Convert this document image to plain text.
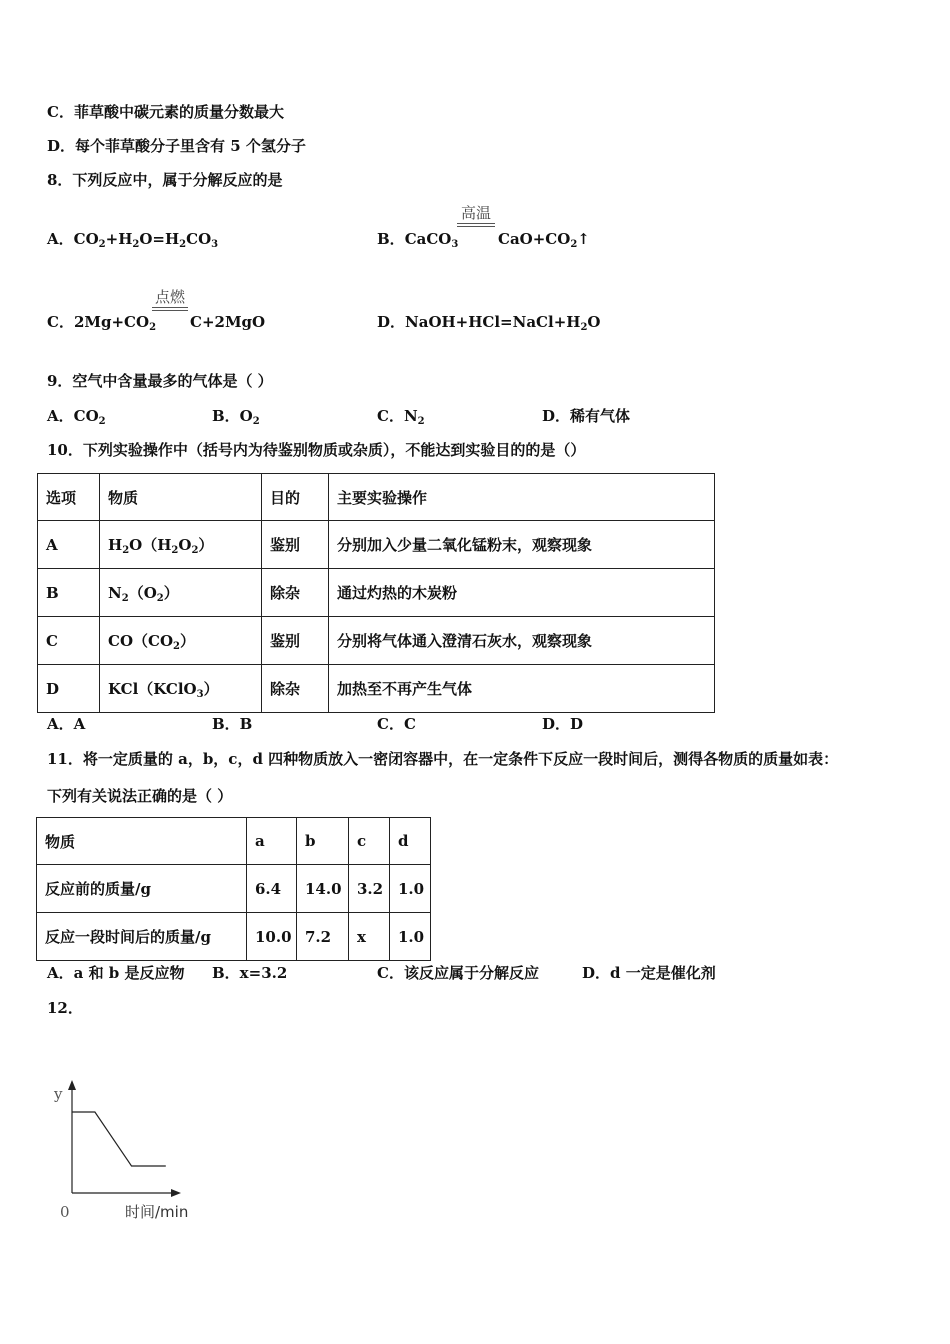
C．菲草酸中碳元素的质量分数最大
D．每个菲草酸分子里含有 5 个氢分子
8．下列反应中，属于分解反应的是
A．$CO_2+H_2O=H_2CO_3$	B．CaCO$_3$
高温
$CaO+CO_2↑$
C．$2Mg+CO_2$
点燃
C+2MgO	D．$NaOH+HCl=NaCl+H_2O$
9．空气中含量最多的气体是（ ）
A．$CO_2$	B．$O_2$	C．$N_2$	D．稀有气体
10．下列实验操作中（括号内为待鉴别物质或杂质），不能达到实验目的的是（）
选项	物质	目的	主要实验操作
A	$H_2O(H_2O_2)$	鉴别	分别加入少量二氧化锰粉末，观察现象
B	$N_2(O_2)$	除杂	通过灼热的木炭粉
C	$CO(CO_2)$	鉴别	分别将气体通入澄清石灰水，观察现象
D	KCl（KClO$_3$）	除杂	加热至不再产生气体
A．A	B．B	C．C	D．D
11．将一定质量的 a，b，c，d 四种物质放入一密闭容器中，在一定条件下反应一段时间后，测得各物质的质量如表：
下列有关说法正确的是（ ）
物质	a	b	c	d
反应前的质量/g	6.4	14.0	3.2	1.0
反应一段时间后的质量/g	10.0	7.2	x	1.0
A．a 和 b 是反应物 B．x=3.2	C．该反应属于分解反应	D．d 一定是催化剂
12．
y
0	时间/min
